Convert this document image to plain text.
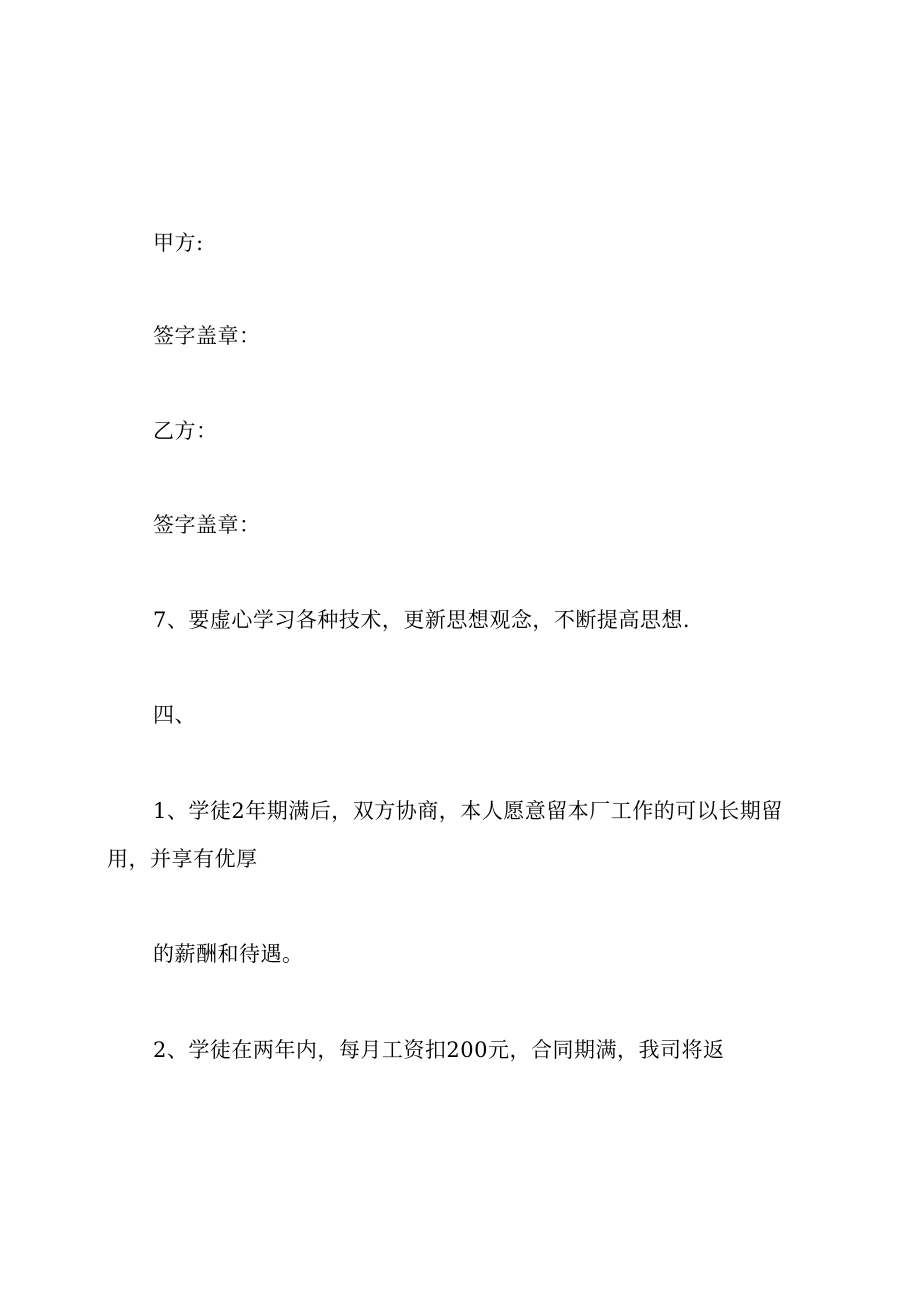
甲方:
签字盖章：
乙方：
签字盖章：
7、要虚心学习各种技术，更新思想观念，不断提高思想.
四、
1、学徒2年期满后，双方协商，本人愿意留本厂工作的可以长期留
用，并享有优厚
的薪酬和待遇。
2、学徒在两年内，每月工资扣200元，合同期满，我司将返
